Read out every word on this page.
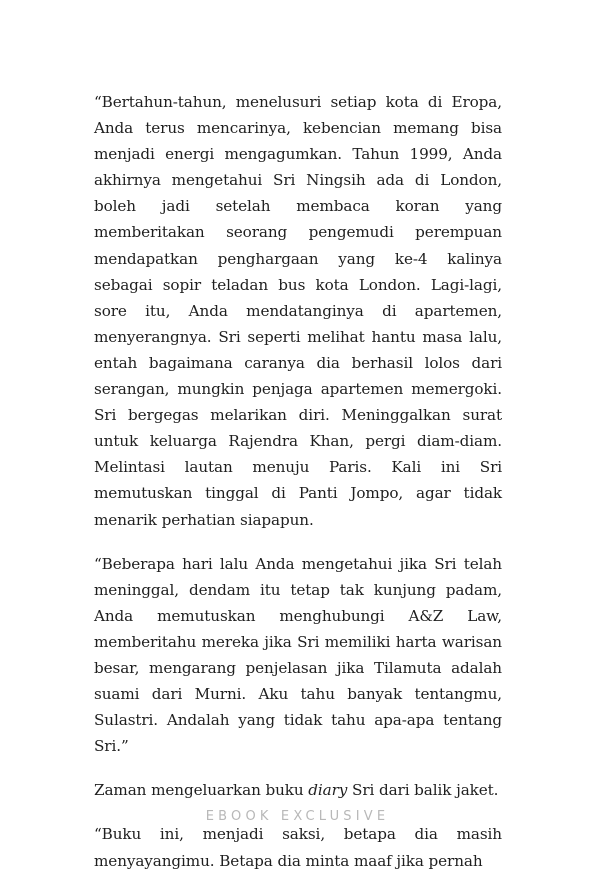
“Bertahun-tahun, menelusuri setiap kota di Eropa, Anda terus mencarinya, kebencian memang bisa menjadi energi mengagumkan. Tahun 1999, Anda akhirnya mengetahui Sri Ningsih ada di London, boleh jadi setelah membaca koran yang memberitakan seorang pengemudi perempuan mendapatkan penghargaan yang ke-4 kalinya sebagai sopir teladan bus kota London. Lagi-lagi, sore itu, Anda mendatanginya di apartemen, menyerangnya. Sri seperti melihat hantu masa lalu, entah bagaimana caranya dia berhasil lolos dari serangan, mungkin penjaga apartemen memergoki. Sri bergegas melarikan diri. Meninggalkan surat untuk keluarga Rajendra Khan, pergi diam-diam. Melintasi lautan menuju Paris. Kali ini Sri memutuskan tinggal di Panti Jompo, agar tidak menarik perhatian siapapun.

“Beberapa hari lalu Anda mengetahui jika Sri telah meninggal, dendam itu tetap tak kunjung padam, Anda memutuskan menghubungi A&Z Law, memberitahu mereka jika Sri memiliki harta warisan besar, mengarang penjelasan jika Tilamuta adalah suami dari Murni. Aku tahu banyak tentangmu, Sulastri. Andalah yang tidak tahu apa-apa tentang Sri.”

Zaman mengeluarkan buku diary Sri dari balik jaket.

“Buku ini, menjadi saksi, betapa dia masih menyayangimu. Betapa dia minta maaf jika pernah

EBOOK EXCLUSIVE
